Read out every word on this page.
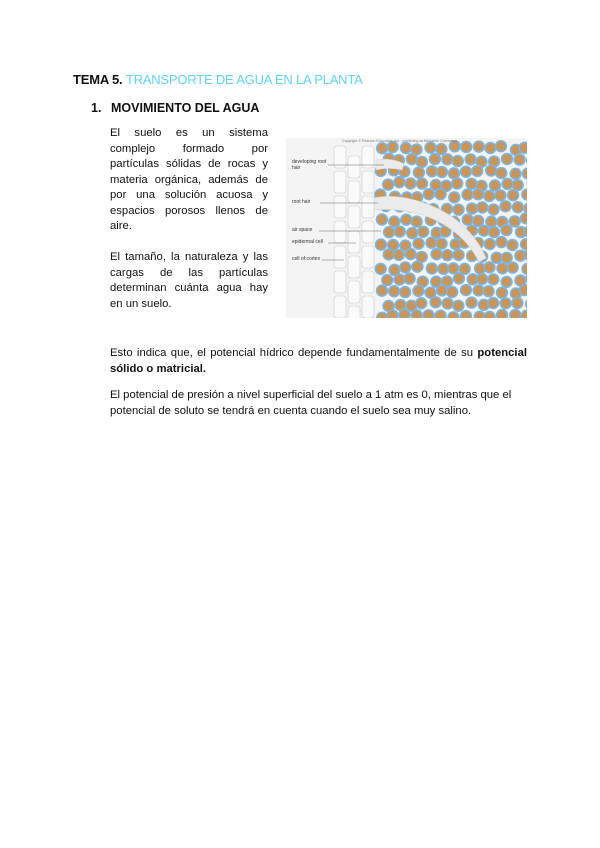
TEMA 5. TRANSPORTE DE AGUA EN LA PLANTA
1. MOVIMIENTO DEL AGUA

El suelo es un sistema complejo formado por partículas sólidas de rocas y materia orgánica, además de por una solución acuosa y espacios porosos llenos de aire.

El tamaño, la naturaleza y las cargas de las partículas determinan cuánta agua hay en un suelo.

Copyright © Pearson Education, Inc., publishing as Benjamin Cummings.
developing root hair
root hair
air space
epidermal cell
cell of cortex

Esto indica que, el potencial hídrico depende fundamentalmente de su potencial sólido o matricial.

El potencial de presión a nivel superficial del suelo a 1 atm es 0, mientras que el potencial de soluto se tendrá en cuenta cuando el suelo sea muy salino.
